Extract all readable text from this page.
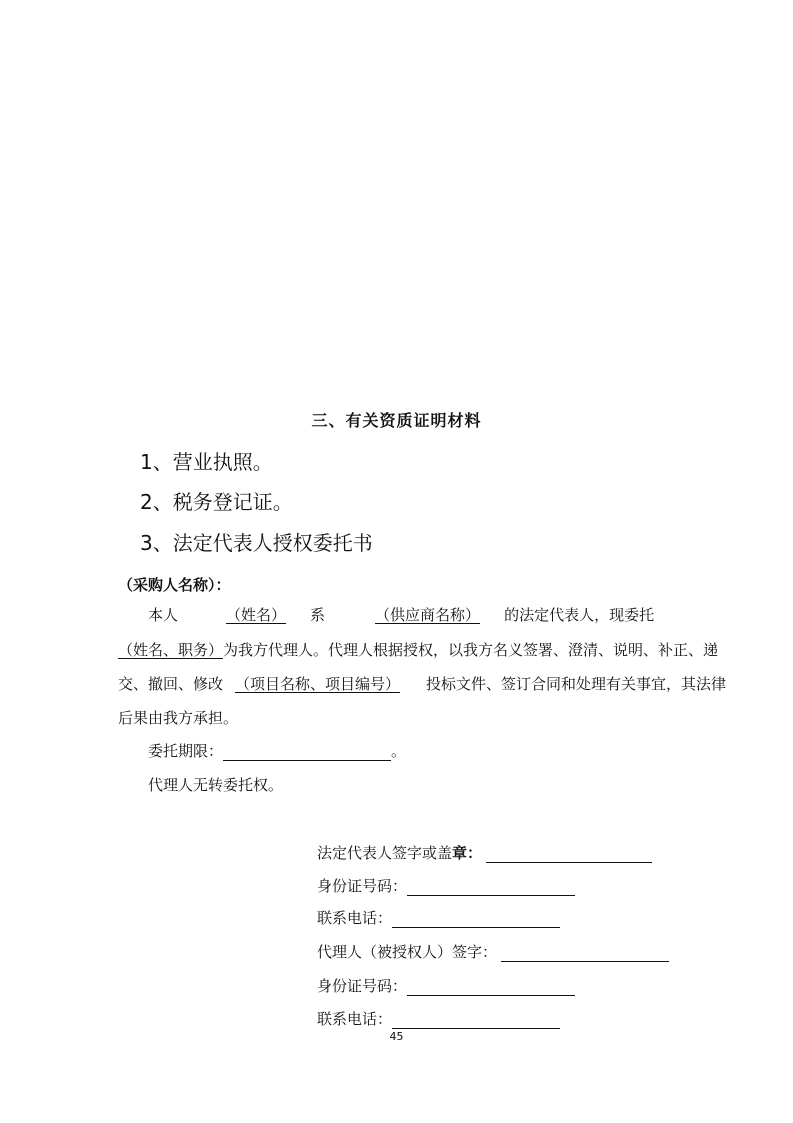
三、有关资质证明材料
1、营业执照。
2、税务登记证。
3、法定代表人授权委托书
（采购人名称）：
本人	（姓名） 系	（供应商名称） 的法定代表人，现委托
（姓名、职务）为我方代理人。代理人根据授权，以我方名义签署、澄清、说明、补正、递
交、撤回、修改 （项目名称、项目编号） 投标文件、签订合同和处理有关事宜，其法律
后果由我方承担。
委托期限：	。
代理人无转委托权。
法定代表人签字或盖章：
身份证号码：
联系电话：
代理人（被授权人）签字：
身份证号码：
联系电话：
45
